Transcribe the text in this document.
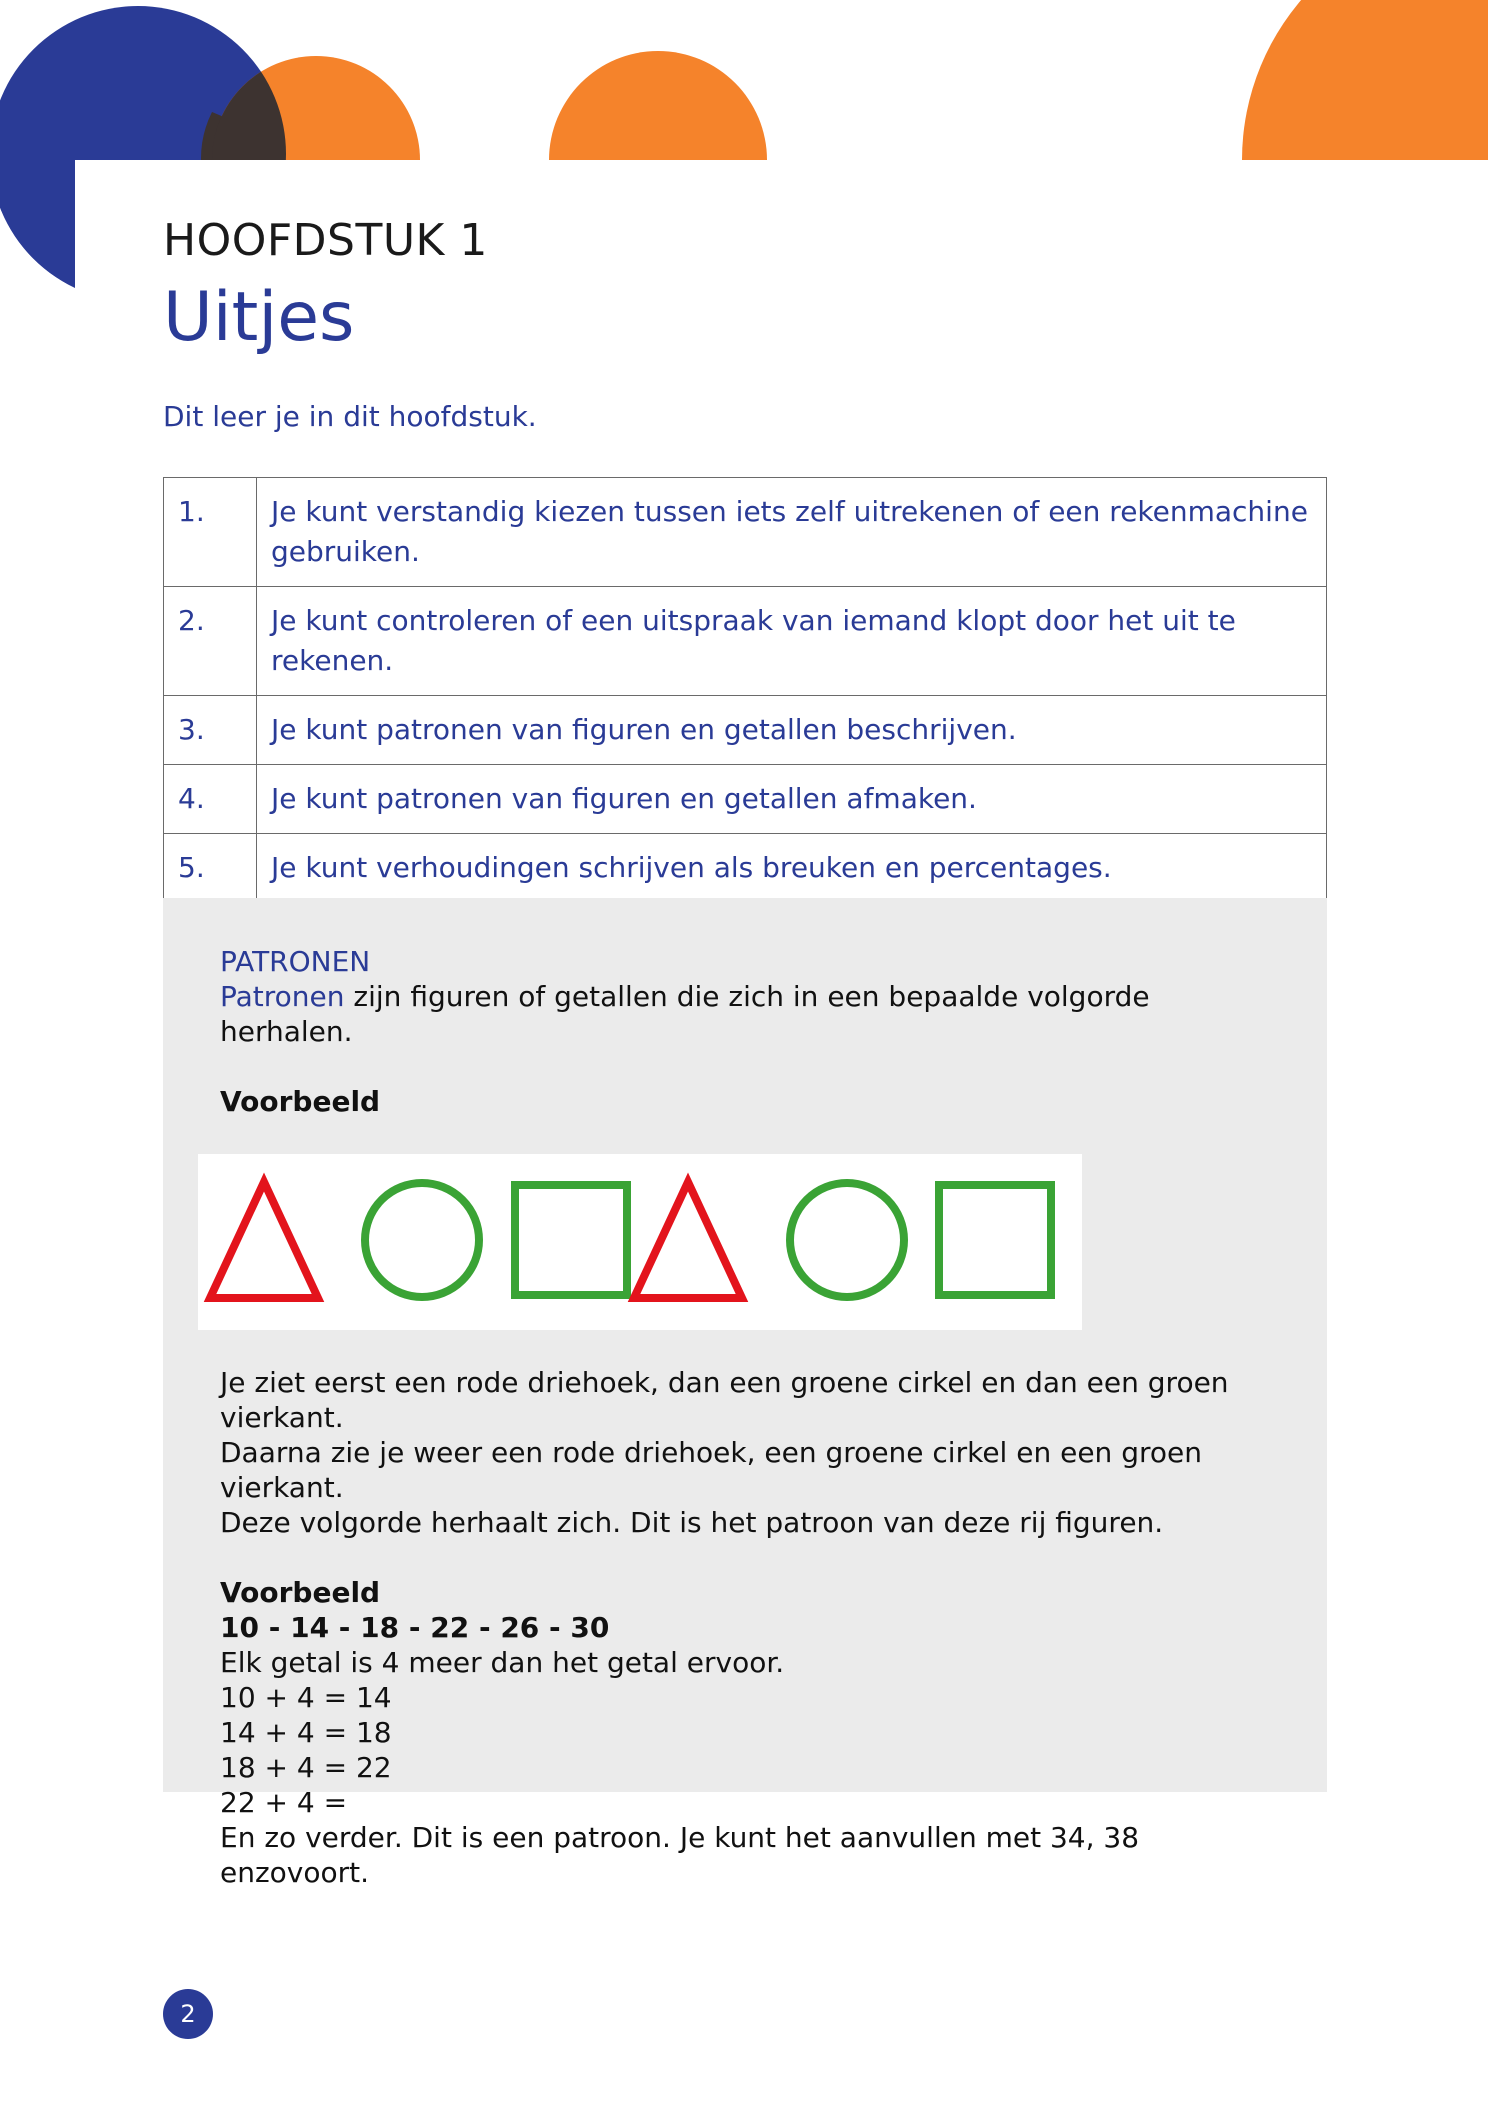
HOOFDSTUK 1
Uitjes

Dit leer je in dit hoofdstuk.

1.	Je kunt verstandig kiezen tussen iets zelf uitrekenen of een rekenmachine gebruiken.
2.	Je kunt controleren of een uitspraak van iemand klopt door het uit te rekenen.
3.	Je kunt patronen van figuren en getallen beschrijven.
4.	Je kunt patronen van figuren en getallen afmaken.
5.	Je kunt verhoudingen schrijven als breuken en percentages.

PATRONEN

Patronen zijn figuren of getallen die zich in een bepaalde volgorde herhalen.

Voorbeeld

Je ziet eerst een rode driehoek, dan een groene cirkel en dan een groen vierkant.

Daarna zie je weer een rode driehoek, een groene cirkel en een groen vierkant.

Deze volgorde herhaalt zich. Dit is het patroon van deze rij figuren.

Voorbeeld

10 - 14 - 18 - 22 - 26 - 30

Elk getal is 4 meer dan het getal ervoor.

10 + 4 = 14

14 + 4 = 18

18 + 4 = 22

22 + 4 =

En zo verder. Dit is een patroon. Je kunt het aanvullen met 34, 38 enzovoort.

2
